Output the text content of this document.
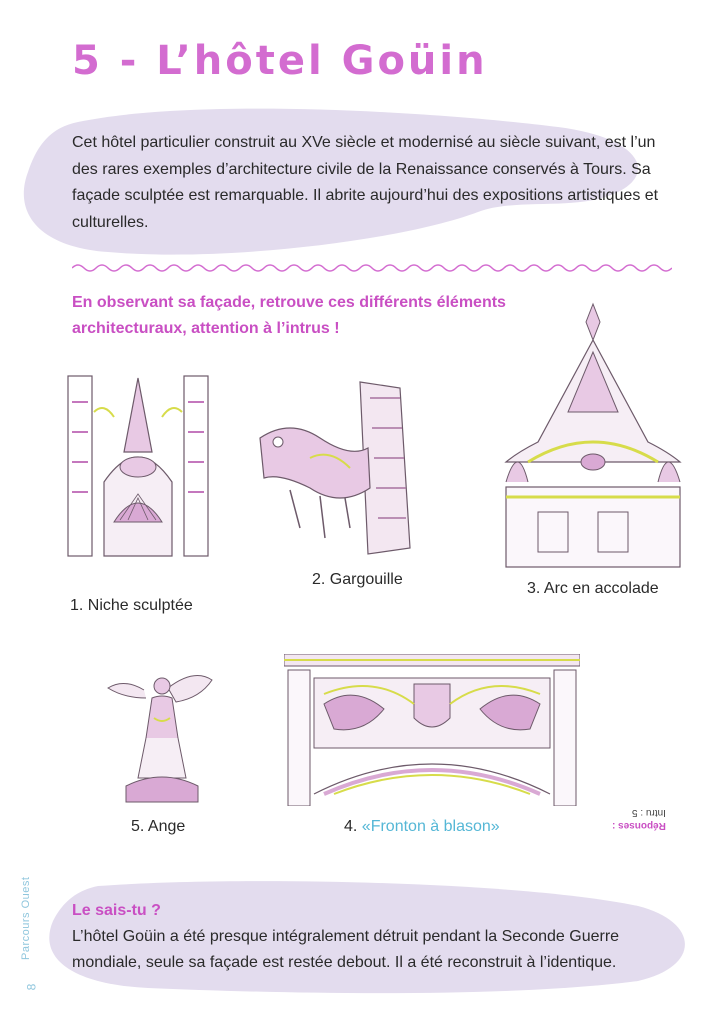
5 - L’hôtel Goüin

Cet hôtel particulier construit au XVe siècle et modernisé au siècle suivant, est l’un des rares exemples d’architecture civile de la Renaissance conservés à Tours. Sa façade sculptée est remarquable. Il abrite aujourd’hui des expositions artistiques et culturelles.

En observant sa façade, retrouve ces différents éléments architecturaux, attention à l’intrus !

1. Niche sculptée
2. Gargouille
3. Arc en accolade
4. «Fronton à blason»
5. Ange	Réponses :
Intru : 5
Parcours Ouest
8
Le sais-tu ?

L’hôtel Goüin a été presque intégralement détruit pendant la Seconde Guerre mondiale, seule sa façade est restée debout. Il a été reconstruit à l’identique.
